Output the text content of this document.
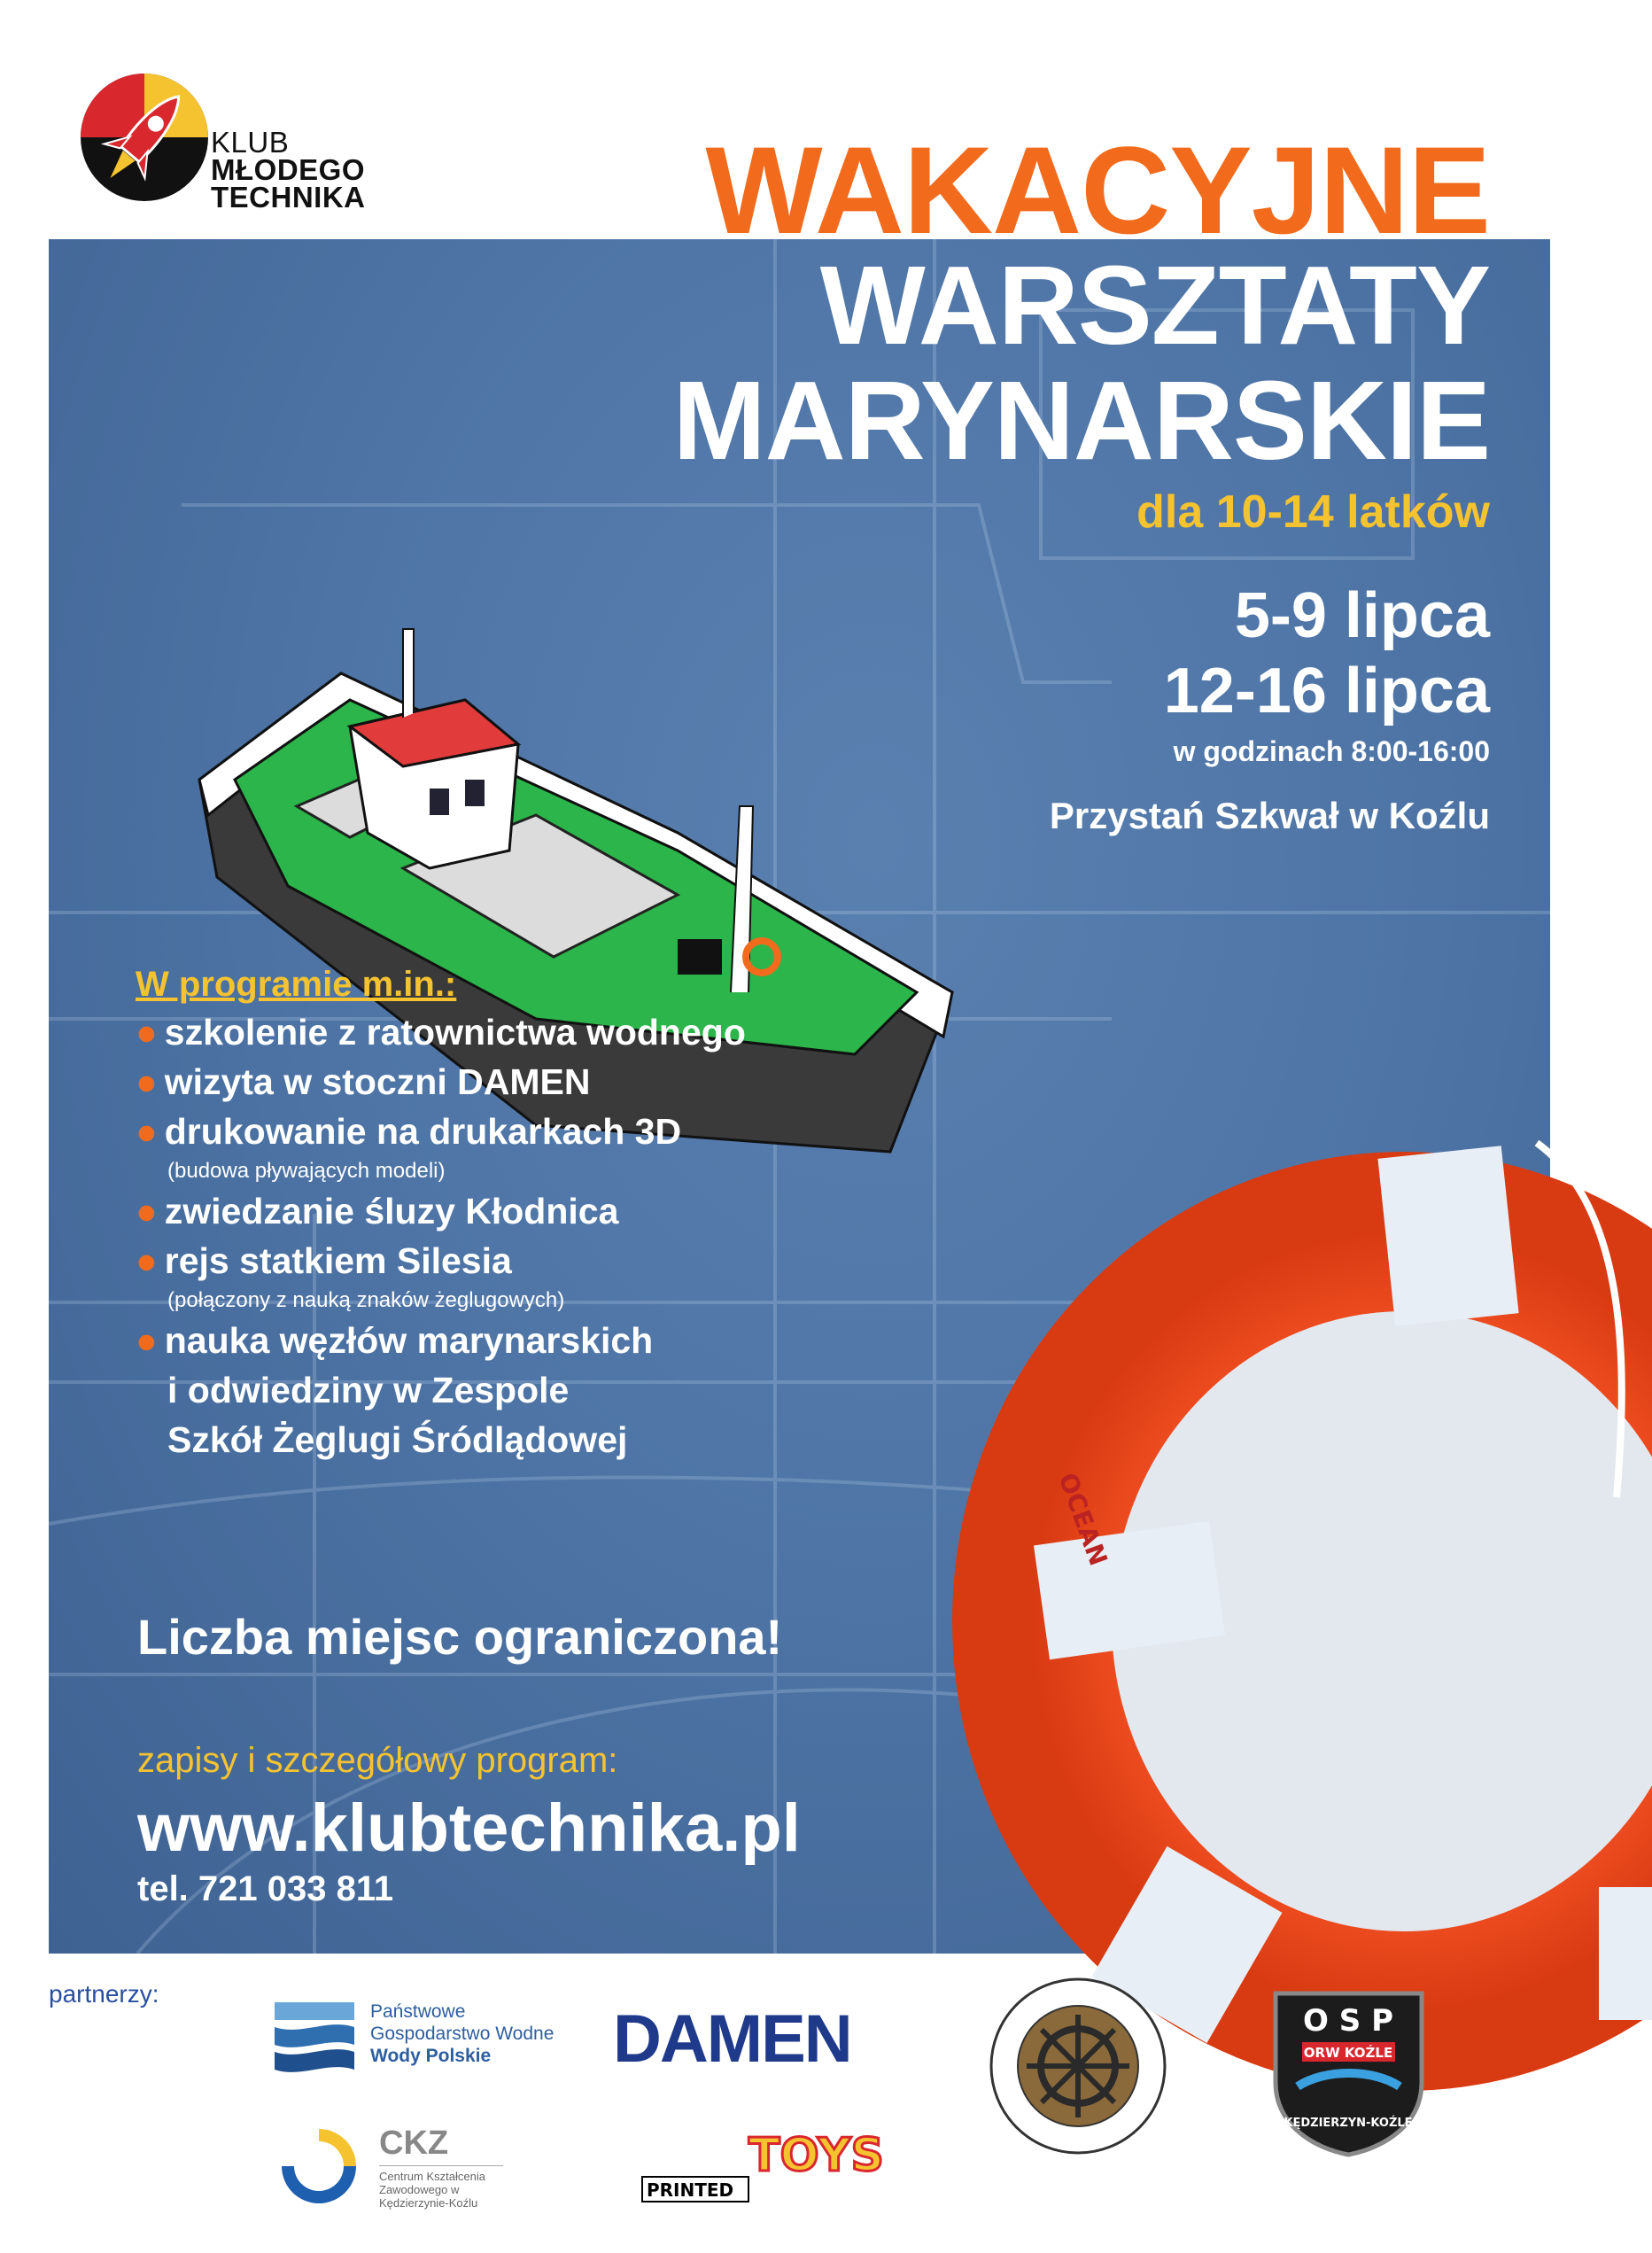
KLUB
MŁODEGO
TECHNIKA
OCEAN
WAKACYJNE
WARSZTATY
MARYNARSKIE
dla 10-14 latków
5-9 lipca
12-16 lipca
w godzinach 8:00-16:00
Przystań Szkwał w Koźlu
W programie m.in.:
● szkolenie z ratownictwa wodnego
● wizyta w stoczni DAMEN
● drukowanie na drukarkach 3D
(budowa pływających modeli)
● zwiedzanie śluzy Kłodnica
● rejs statkiem Silesia
(połączony z nauką znaków żeglugowych)
● nauka węzłów marynarskich
i odwiedziny w Zespole
Szkół Żeglugi Śródlądowej
Liczba miejsc ograniczona!
zapisy i szczegółowy program:
www.klubtechnika.pl
tel. 721 033 811
partnerzy:
Państwowe
Gospodarstwo Wodne
Wody Polskie	DAMEN	O S P
ORW KOŹLE
KĘDZIERZYN-KOŹLE
CKZ
Centrum Kształcenia Zawodowego w Kędzierzynie-Koźlu
TOYS
PRINTED
